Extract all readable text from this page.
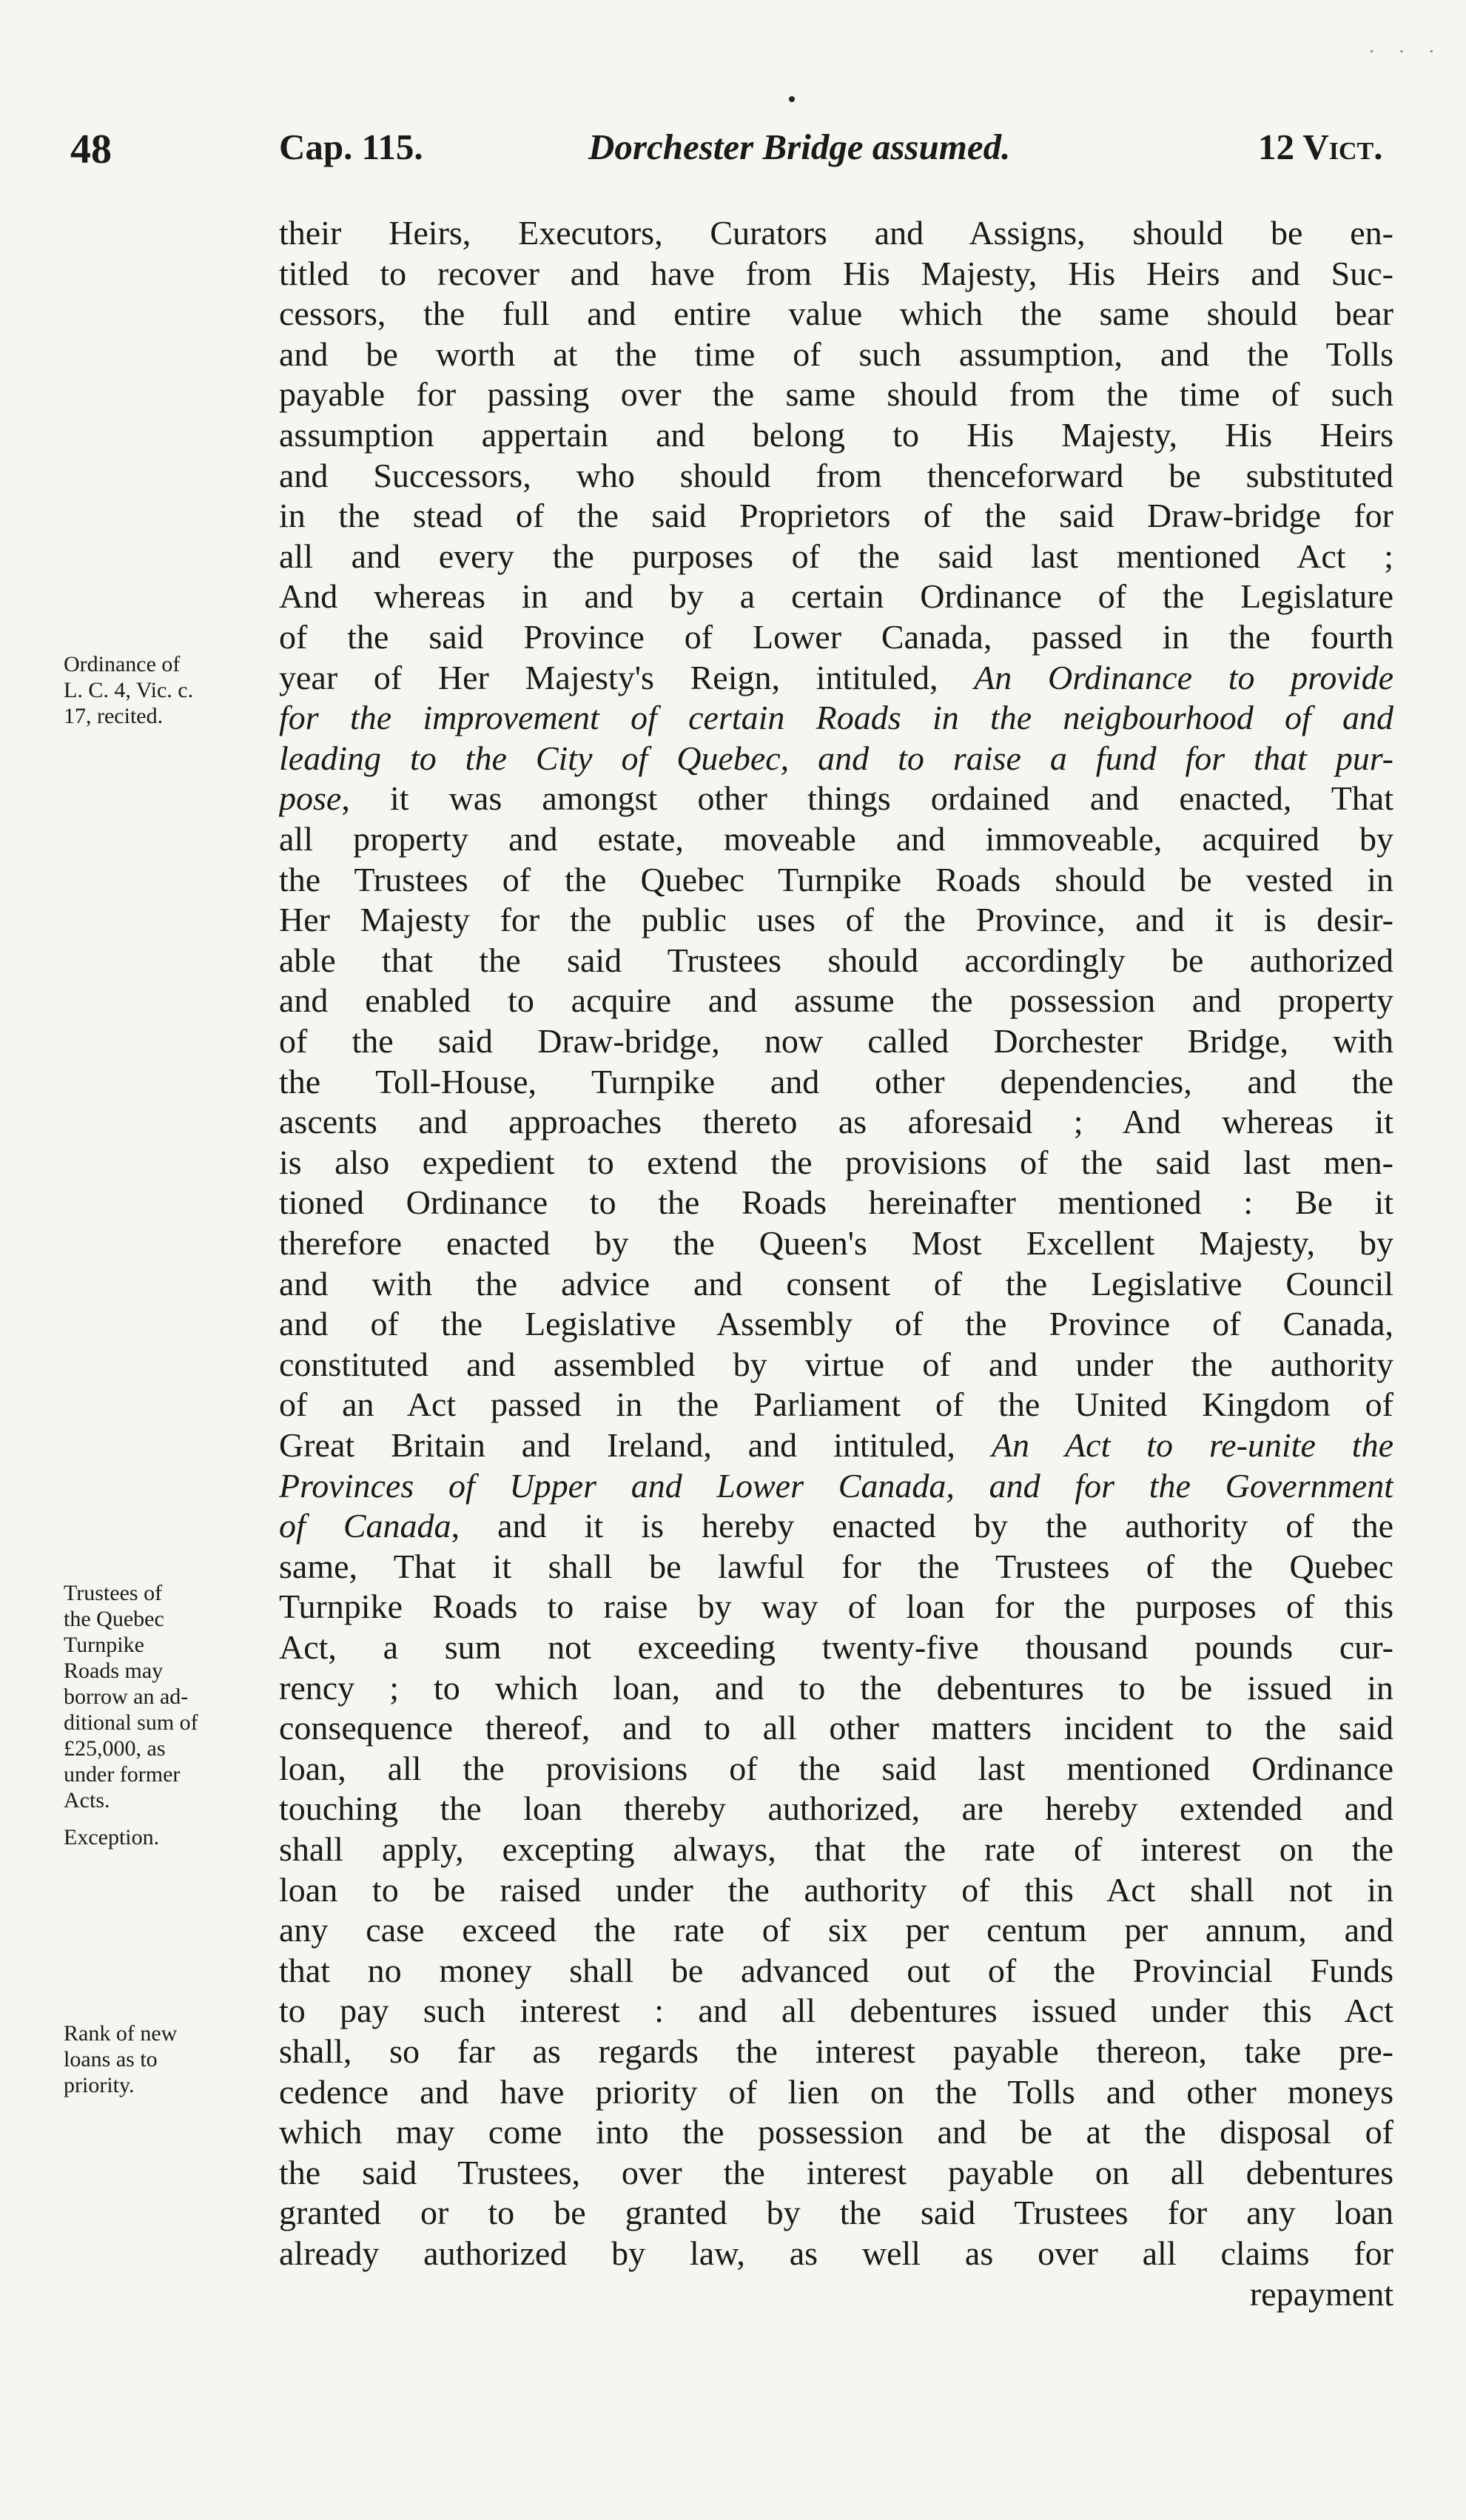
· · ·
48	Cap. 115.	Dorchester Bridge assumed.	12 Vict.
Ordinance of
L. C. 4, Vic. c.
17, recited.
Trustees of
the Quebec
Turnpike
Roads may
borrow an ad-
ditional sum of
£25,000, as
under former
Acts.
Exception.
Rank of new
loans as to
priority.
their Heirs, Executors, Curators and Assigns, should be en-
titled to recover and have from His Majesty, His Heirs and Suc-
cessors, the full and entire value which the same should bear
and be worth at the time of such assumption, and the Tolls
payable for passing over the same should from the time of such
assumption appertain and belong to His Majesty, His Heirs
and Successors, who should from thenceforward be substituted
in the stead of the said Proprietors of the said Draw-bridge for
all and every the purposes of the said last mentioned Act ;
And whereas in and by a certain Ordinance of the Legislature
of the said Province of Lower Canada, passed in the fourth
year of Her Majesty's Reign, intituled, An Ordinance to provide
for the improvement of certain Roads in the neigbourhood of and
leading to the City of Quebec, and to raise a fund for that pur-
pose, it was amongst other things ordained and enacted, That
all property and estate, moveable and immoveable, acquired by
the Trustees of the Quebec Turnpike Roads should be vested in
Her Majesty for the public uses of the Province, and it is desir-
able that the said Trustees should accordingly be authorized
and enabled to acquire and assume the possession and property
of the said Draw-bridge, now called Dorchester Bridge, with
the Toll-House, Turnpike and other dependencies, and the
ascents and approaches thereto as aforesaid ; And whereas it
is also expedient to extend the provisions of the said last men-
tioned Ordinance to the Roads hereinafter mentioned : Be it
therefore enacted by the Queen's Most Excellent Majesty, by
and with the advice and consent of the Legislative Council
and of the Legislative Assembly of the Province of Canada,
constituted and assembled by virtue of and under the authority
of an Act passed in the Parliament of the United Kingdom of
Great Britain and Ireland, and intituled, An Act to re-unite the
Provinces of Upper and Lower Canada, and for the Government
of Canada, and it is hereby enacted by the authority of the
same, That it shall be lawful for the Trustees of the Quebec
Turnpike Roads to raise by way of loan for the purposes of this
Act, a sum not exceeding twenty-five thousand pounds cur-
rency ; to which loan, and to the debentures to be issued in
consequence thereof, and to all other matters incident to the said
loan, all the provisions of the said last mentioned Ordinance
touching the loan thereby authorized, are hereby extended and
shall apply, excepting always, that the rate of interest on the
loan to be raised under the authority of this Act shall not in
any case exceed the rate of six per centum per annum, and
that no money shall be advanced out of the Provincial Funds
to pay such interest : and all debentures issued under this Act
shall, so far as regards the interest payable thereon, take pre-
cedence and have priority of lien on the Tolls and other moneys
which may come into the possession and be at the disposal of
the said Trustees, over the interest payable on all debentures
granted or to be granted by the said Trustees for any loan
already authorized by law, as well as over all claims for
repayment
